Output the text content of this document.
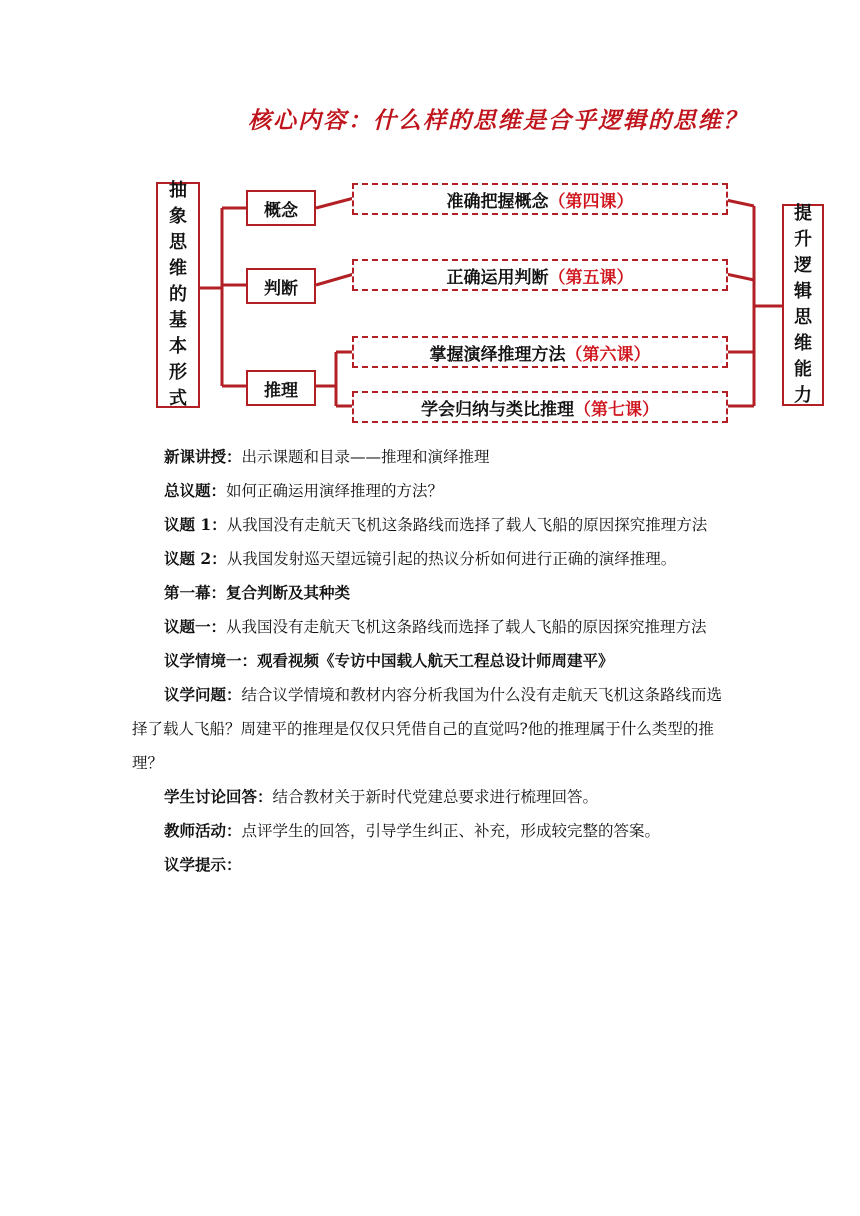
核心内容：什么样的思维是合乎逻辑的思维？
抽
象
思
维
的
基
本
形
式
概念
判断
推理
准确把握概念 （第四课）
正确运用判断 （第五课）
掌握演绎推理方法 （第六课）
学会归纳与类比推理 （第七课）
提
升
逻
辑
思
维
能
力

新课讲授：出示课题和目录——推理和演绎推理

总议题：如何正确运用演绎推理的方法？

议题 1：从我国没有走航天飞机这条路线而选择了载人飞船的原因探究推理方法

议题 2：从我国发射巡天望远镜引起的热议分析如何进行正确的演绎推理。

第一幕：复合判断及其种类

议题一：从我国没有走航天飞机这条路线而选择了载人飞船的原因探究推理方法

议学情境一：观看视频《专访中国载人航天工程总设计师周建平》

议学问题：结合议学情境和教材内容分析我国为什么没有走航天飞机这条路线而选择了载人飞船？周建平的推理是仅仅只凭借自己的直觉吗?他的推理属于什么类型的推理？

学生讨论回答：结合教材关于新时代党建总要求进行梳理回答。

教师活动：点评学生的回答，引导学生纠正、补充，形成较完整的答案。

议学提示：
